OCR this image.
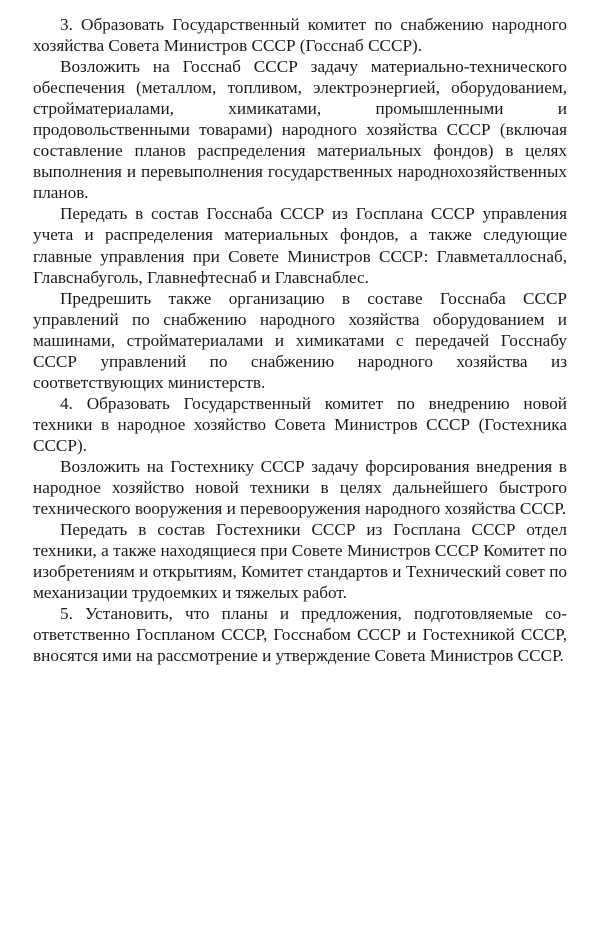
3. Образовать Государственный комитет по снабжению народного хозяйства Совета Министров СССР (Госснаб СССР).

Возложить на Госснаб СССР задачу материально-технического обеспечения (металлом, топливом, электроэнергией, оборудованием, стройматериалами, химикатами, промышленными и продовольственными товарами) народного хозяйства СССР (включая составление планов распределения материальных фондов) в целях выполнения и перевыполнения государственных народнохозяйственных планов.

Передать в состав Госснаба СССР из Госплана СССР управления учета и распределения материальных фондов, а также следующие главные управления при Совете Министров СССР: Главметаллоснаб, Главснабуголь, Главнефтеснаб и Главснаблес.

Предрешить также организацию в составе Госснаба СССР управлений по снабжению народного хозяйства оборудованием и машинами, стройматериалами и химикатами с передачей Госснабу СССР управлений по снабжению народного хозяйства из соответствующих министерств.

4. Образовать Государственный комитет по внедрению новой техники в народное хозяйство Совета Министров СССР (Гостехника СССР).

Возложить на Гостехнику СССР задачу форсирования внедрения в народное хозяйство новой техники в целях дальнейшего быстрого технического вооружения и перевооружения народного хозяйства СССР.

Передать в состав Гостехники СССР из Госплана СССР отдел техники, а также находящиеся при Совете Министров СССР Комитет по изобретениям и открытиям, Комитет стандартов и Технический совет по механизации трудоемких и тяжелых работ.

5. Установить, что планы и предложения, подготовляемые соответственно Госпланом СССР, Госснабом СССР и Гостехникой СССР, вносятся ими на рассмотрение и утверждение Совета Министров СССР.
